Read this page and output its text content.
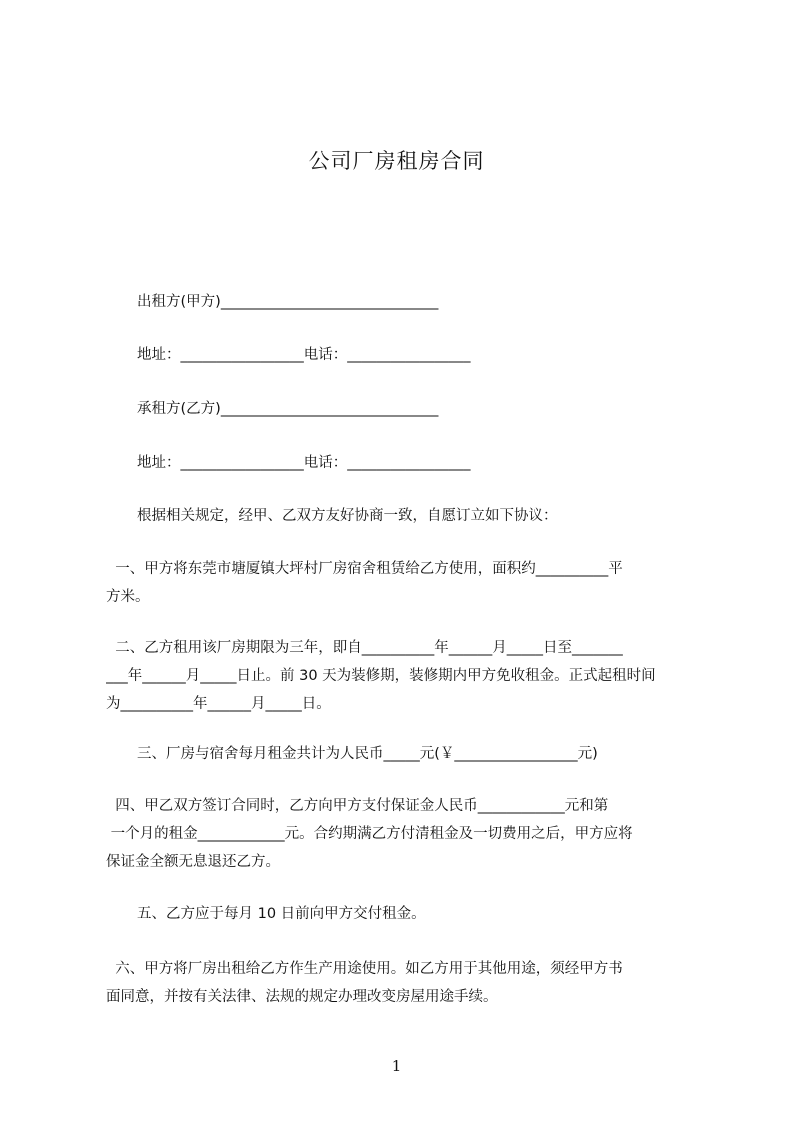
公司厂房租房合同
出租方(甲方)______________________________
地址：_________________电话：_________________
承租方(乙方)______________________________
地址：_________________电话：_________________
根据相关规定，经甲、乙双方友好协商一致，自愿订立如下协议：
一、甲方将东莞市塘厦镇大坪村厂房宿舍租赁给乙方使用，面积约__________平
方米。
二、乙方租用该厂房期限为三年，即自__________年______月_____日至_______
___年______月_____日止。前 30 天为装修期，装修期内甲方免收租金。正式起租时间
为__________年______月_____日。
三、厂房与宿舍每月租金共计为人民币_____元(￥_________________元)
四、甲乙双方签订合同时，乙方向甲方支付保证金人民币____________元和第
一个月的租金____________元。合约期满乙方付清租金及一切费用之后，甲方应将
保证金全额无息退还乙方。
五、乙方应于每月 10 日前向甲方交付租金。
六、甲方将厂房出租给乙方作生产用途使用。如乙方用于其他用途，须经甲方书
面同意，并按有关法律、法规的规定办理改变房屋用途手续。
1
